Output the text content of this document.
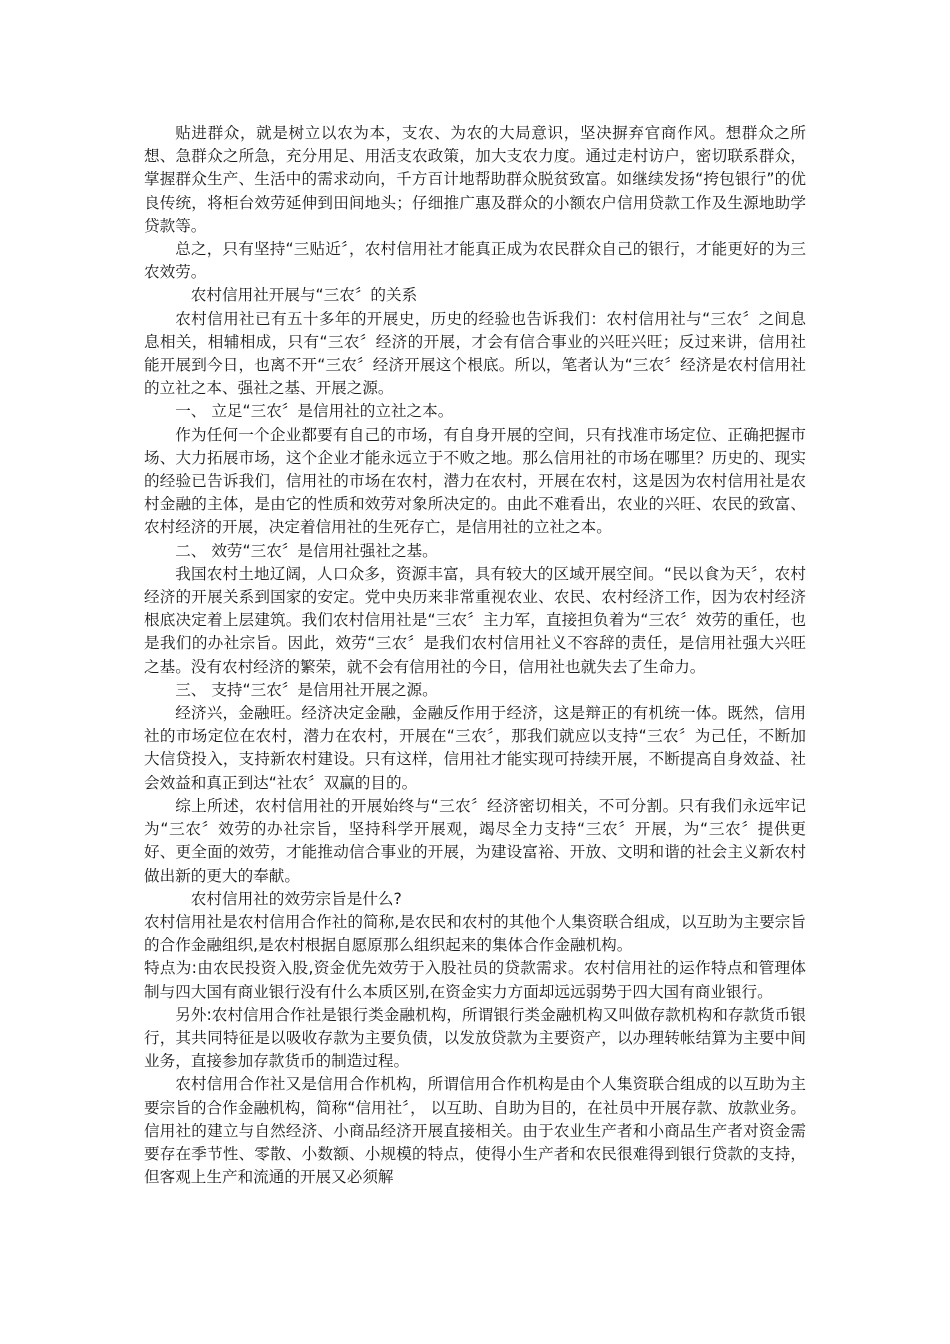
贴进群众，就是树立以农为本，支农、为农的大局意识，坚决摒弃官商作风。想群众之所想、急群众之所急，充分用足、用活支农政策，加大支农力度。通过走村访户，密切联系群众，掌握群众生产、生活中的需求动向，千方百计地帮助群众脱贫致富。如继续发扬“挎包银行”的优良传统，将柜台效劳延伸到田间地头；仔细推广惠及群众的小额农户信用贷款工作及生源地助学贷款等。

总之，只有坚持“三贴近〞，农村信用社才能真正成为农民群众自己的银行，才能更好的为三农效劳。

农村信用社开展与“三农〞的关系

农村信用社已有五十多年的开展史，历史的经验也告诉我们：农村信用社与“三农〞之间息息相关，相辅相成，只有“三农〞经济的开展，才会有信合事业的兴旺兴旺；反过来讲，信用社能开展到今日，也离不开“三农〞经济开展这个根底。所以，笔者认为“三农〞经济是农村信用社的立社之本、强社之基、开展之源。

一、 立足“三农〞是信用社的立社之本。

作为任何一个企业都要有自己的市场，有自身开展的空间，只有找准市场定位、正确把握市场、大力拓展市场，这个企业才能永远立于不败之地。那么信用社的市场在哪里？历史的、现实的经验已告诉我们，信用社的市场在农村，潜力在农村，开展在农村，这是因为农村信用社是农村金融的主体，是由它的性质和效劳对象所决定的。由此不难看出，农业的兴旺、农民的致富、农村经济的开展，决定着信用社的生死存亡，是信用社的立社之本。

二、 效劳“三农〞是信用社强社之基。

我国农村土地辽阔，人口众多，资源丰富，具有较大的区域开展空间。“民以食为天〞，农村经济的开展关系到国家的安定。党中央历来非常重视农业、农民、农村经济工作，因为农村经济根底决定着上层建筑。我们农村信用社是“三农〞主力军，直接担负着为“三农〞效劳的重任，也是我们的办社宗旨。因此，效劳“三农〞是我们农村信用社义不容辞的责任，是信用社强大兴旺之基。没有农村经济的繁荣，就不会有信用社的今日，信用社也就失去了生命力。

三、 支持“三农〞是信用社开展之源。

经济兴，金融旺。经济决定金融，金融反作用于经济，这是辩正的有机统一体。既然，信用社的市场定位在农村，潜力在农村，开展在“三农〞，那我们就应以支持“三农〞为己任，不断加大信贷投入，支持新农村建设。只有这样，信用社才能实现可持续开展，不断提高自身效益、社会效益和真正到达“社农〞双赢的目的。

综上所述，农村信用社的开展始终与“三农〞经济密切相关，不可分割。只有我们永远牢记为“三农〞效劳的办社宗旨，坚持科学开展观，竭尽全力支持“三农〞开展，为“三农〞提供更好、更全面的效劳，才能推动信合事业的开展，为建设富裕、开放、文明和谐的社会主义新农村做出新的更大的奉献。

农村信用社的效劳宗旨是什么?

农村信用社是农村信用合作社的简称,是农民和农村的其他个人集资联合组成，以互助为主要宗旨的合作金融组织,是农村根据自愿原那么组织起来的集体合作金融机构。

特点为:由农民投资入股,资金优先效劳于入股社员的贷款需求。农村信用社的运作特点和管理体制与四大国有商业银行没有什么本质区别,在资金实力方面却远远弱势于四大国有商业银行。

另外:农村信用合作社是银行类金融机构，所谓银行类金融机构又叫做存款机构和存款货币银行，其共同特征是以吸收存款为主要负债，以发放贷款为主要资产，以办理转帐结算为主要中间业务，直接参加存款货币的制造过程。

农村信用合作社又是信用合作机构，所谓信用合作机构是由个人集资联合组成的以互助为主要宗旨的合作金融机构，简称“信用社〞， 以互助、自助为目的，在社员中开展存款、放款业务。信用社的建立与自然经济、小商品经济开展直接相关。由于农业生产者和小商品生产者对资金需要存在季节性、零散、小数额、小规模的特点，使得小生产者和农民很难得到银行贷款的支持，但客观上生产和流通的开展又必须解
